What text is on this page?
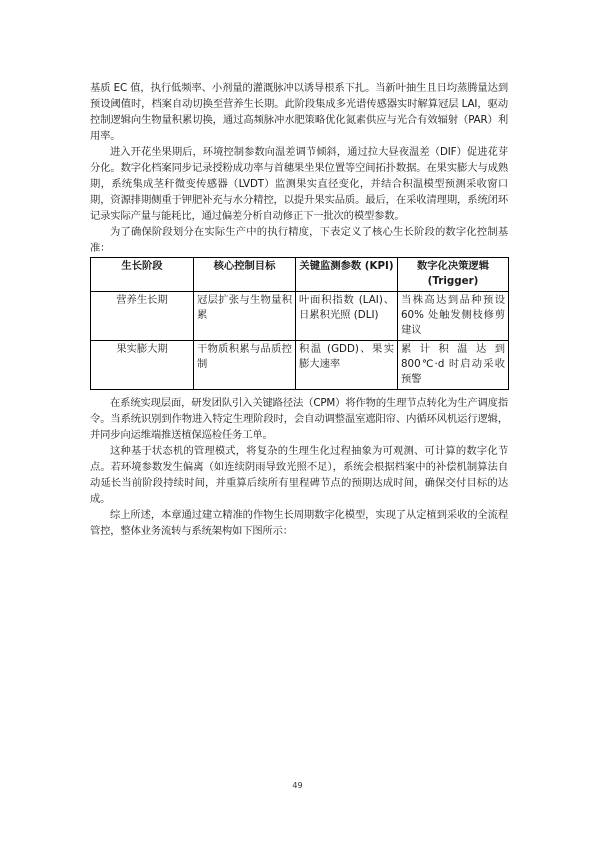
基质 EC 值，执行低频率、小剂量的灌溉脉冲以诱导根系下扎。当新叶抽生且日均蒸腾量达到预设阈值时，档案自动切换至营养生长期。此阶段集成多光谱传感器实时解算冠层 LAI，驱动控制逻辑向生物量积累切换，通过高频脉冲水肥策略优化氮素供应与光合有效辐射（PAR）利用率。

进入开花坐果期后，环境控制参数向温差调节倾斜，通过拉大昼夜温差（DIF）促进花芽分化。数字化档案同步记录授粉成功率与首穗果坐果位置等空间拓扑数据。在果实膨大与成熟期，系统集成茎秆微变传感器（LVDT）监测果实直径变化，并结合积温模型预测采收窗口期，资源排期侧重于钾肥补充与水分精控，以提升果实品质。最后，在采收清理期，系统闭环记录实际产量与能耗比，通过偏差分析自动修正下一批次的模型参数。

为了确保阶段划分在实际生产中的执行精度，下表定义了核心生长阶段的数字化控制基准：

生长阶段	核心控制目标	关键监测参数 (KPI)	数字化决策逻辑 (Trigger)
营养生长期	冠层扩张与生物量积累	叶面积指数 (LAI)、日累积光照 (DLI)	当株高达到品种预设 60% 处触发侧枝修剪建议
果实膨大期	干物质积累与品质控制	积温 (GDD)、果实膨大速率	累计积温达到 800℃·d 时启动采收预警

在系统实现层面，研发团队引入关键路径法（CPM）将作物的生理节点转化为生产调度指令。当系统识别到作物进入特定生理阶段时，会自动调整温室遮阳帘、内循环风机运行逻辑，并同步向运维端推送植保巡检任务工单。

这种基于状态机的管理模式，将复杂的生理生化过程抽象为可观测、可计算的数字化节点。若环境参数发生偏离（如连续阴雨导致光照不足），系统会根据档案中的补偿机制算法自动延长当前阶段持续时间，并重算后续所有里程碑节点的预期达成时间，确保交付目标的达成。

综上所述，本章通过建立精准的作物生长周期数字化模型，实现了从定植到采收的全流程管控，整体业务流转与系统架构如下图所示：

49
